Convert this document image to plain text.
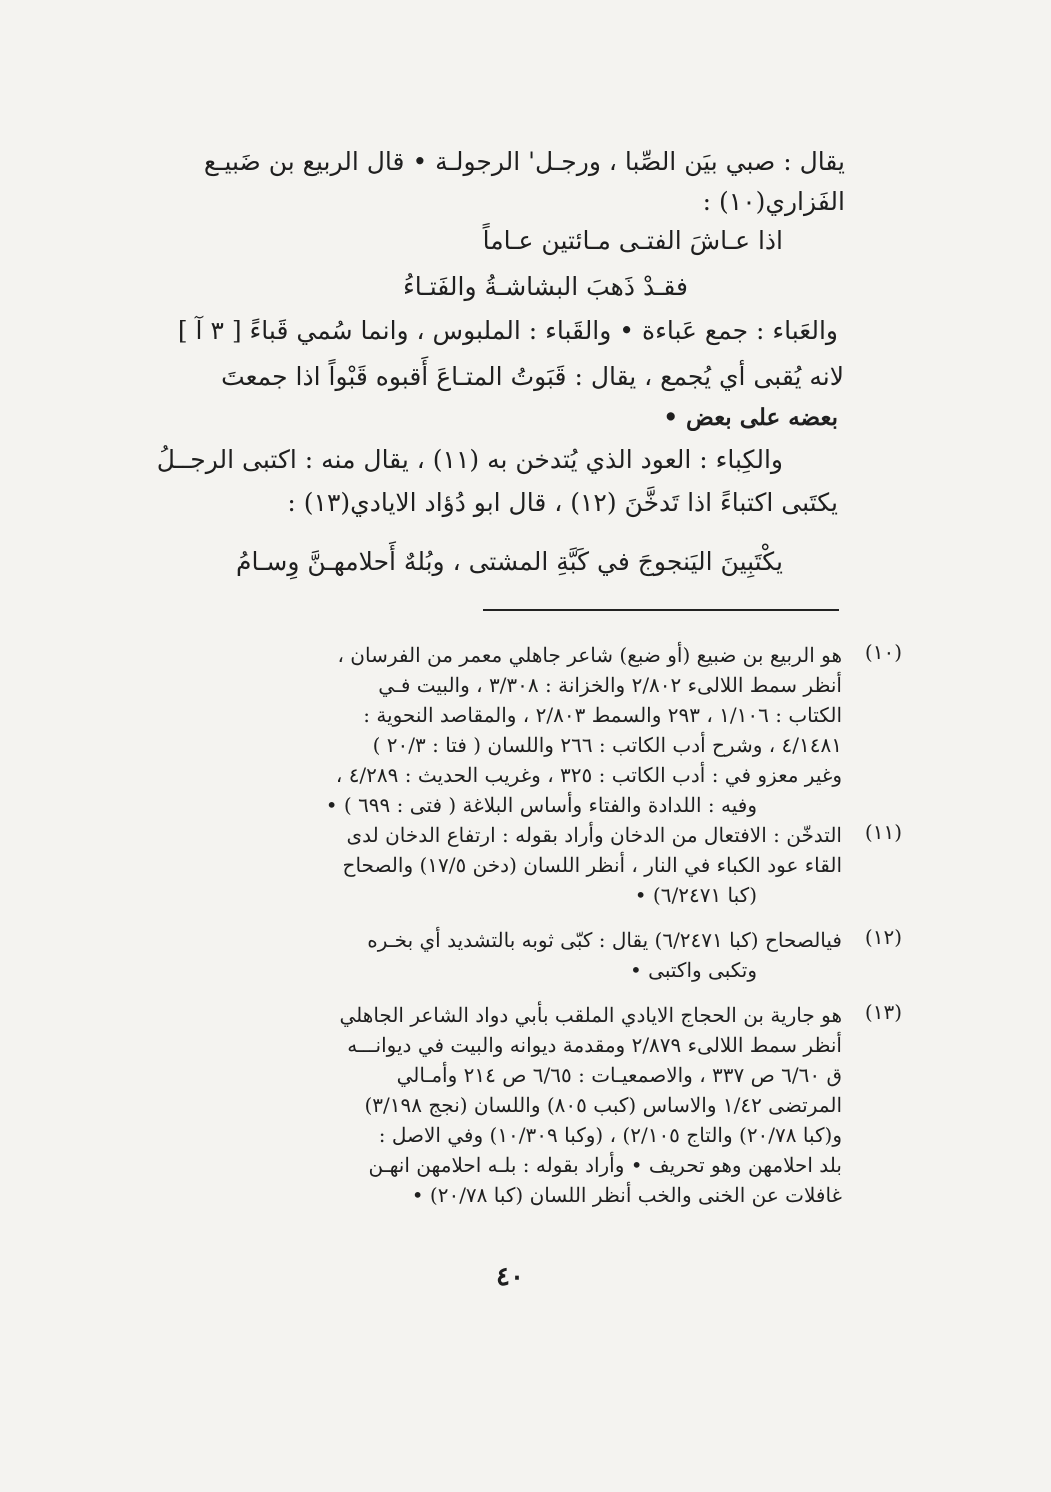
يقال : صبي بيَن الصِّبا ، ورجـل' الرجولـة • قال الربيع بن ضَبيـع

الفَزاري(١٠) :

اذا عـاشَ الفتـى مـائتين عـاماً
فقـدْ ذَهبَ البشاشـةُ والفَتـاءُ
والعَباء : جمع عَباءة • والقَباء : الملبوس ، وانما سُمي قَباءً [ ٣ آ ]
لانه يُقبى أي يُجمع ، يقال : قَبَوتُ المتـاعَ أَقبوه قَبْواً اذا جمعتَ
بعضه على بعض •
والكِباء : العود الذي يُتدخن به (١١) ، يقال منه : اكتبى الرجــلُ
يكتَبى اكتباءً اذا تَدخَّنَ (١٢) ، قال ابو دُؤاد الايادي(١٣) :
يكْتَبِينَ اليَنجوجَ في كَبَّةِ المشتى ، وبُلهٌ أَحلامهـنَّ وِسـامُ
(١٠)

هو الربيع بن ضبيع (أو ضبع) شاعر جاهلي معمر من الفرسان ،

أنظر سمط اللالىء ٢/٨٠٢ والخزانة : ٣/٣٠٨ ، والبيت فـي

الكتاب : ١/١٠٦ ، ٢٩٣ والسمط ٢/٨٠٣ ، والمقاصد النحوية :

٤/١٤٨١ ، وشرح أدب الكاتب : ٢٦٦ واللسان ( فتا : ٢٠/٣ )

وغير معزو في : أدب الكاتب : ٣٢٥ ، وغريب الحديث : ٤/٢٨٩ ،

وفيه : اللدادة والفتاء وأساس البلاغة ( فتى : ٦٩٩ ) •

(١١)

التدخّن : الافتعال من الدخان وأراد بقوله : ارتفاع الدخان لدى

القاء عود الكباء في النار ، أنظر اللسان (دخن ١٧/٥) والصحاح

(كبا ٦/٢٤٧١) •

(١٢)

فيالصحاح (كبا ٦/٢٤٧١) يقال : كبّى ثوبه بالتشديد أي بخـره

وتكبى واكتبى •

(١٣)

هو جارية بن الحجاج الايادي الملقب بأبي دواد الشاعر الجاهلي

أنظر سمط اللالىء ٢/٨٧٩ ومقدمة ديوانه والبيت في ديوانـــه

ق ٦/٦٠ ص ٣٣٧ ، والاصمعيـات : ٦/٦٥ ص ٢١٤ وأمـالي

المرتضى ١/٤٢ والاساس (كبب ٨٠٥) واللسان (نجج ٣/١٩٨)

و(كبا ٢٠/٧٨) والتاج ٢/١٠٥) ، (وكبا ١٠/٣٠٩) وفي الاصل :

بلد احلامهن وهو تحريف • وأراد بقوله : بلـه احلامهن انهـن

غافلات عن الخنى والخب أنظر اللسان (كبا ٢٠/٧٨) •

٤٠
